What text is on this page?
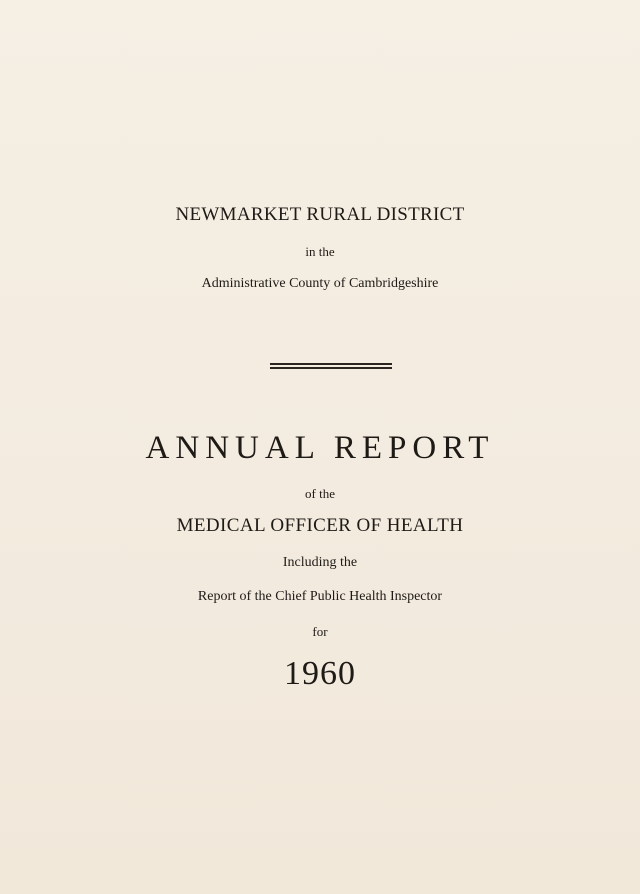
NEWMARKET RURAL DISTRICT
in the
Administrative County of Cambridgeshire
ANNUAL REPORT
of the
MEDICAL OFFICER OF HEALTH
Including the
Report of the Chief Public Health Inspector
for
1960
